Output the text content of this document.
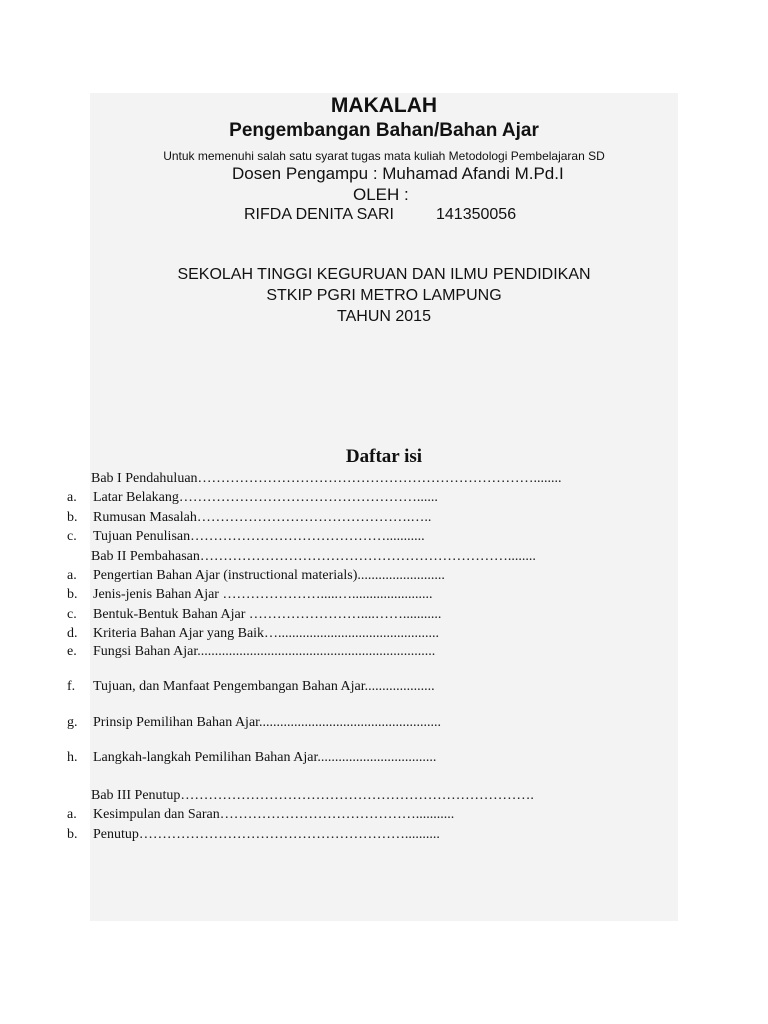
MAKALAH
Pengembangan Bahan/Bahan Ajar
Untuk memenuhi salah satu syarat tugas mata kuliah Metodologi Pembelajaran SD
Dosen Pengampu : Muhamad Afandi M.Pd.I
OLEH :
RIFDA DENITA SARI	141350056
SEKOLAH TINGGI KEGURUAN DAN ILMU PENDIDIKAN
STKIP PGRI METRO LAMPUNG
TAHUN 2015
Daftar isi
Bab I Pendahuluan………………………………………………………………........
a. Latar Belakang……………………………………………......
b. Rumusan Masalah……………………………………….…..
c. Tujuan Penulisan……………………………………...........
Bab II Pembahasan…………………………………………………………........
a. Pengertian Bahan Ajar (instructional materials).........................
b. Jenis-jenis Bahan Ajar ………………….....….......................
c. Bentuk-Bentuk Bahan Ajar ……………………....……...........
d. Kriteria Bahan Ajar yang Baik…..............................................
e. Fungsi Bahan Ajar....................................................................
f. Tujuan, dan Manfaat Pengembangan Bahan Ajar....................
g. Prinsip Pemilihan Bahan Ajar....................................................
h. Langkah-langkah Pemilihan Bahan Ajar..................................
Bab III Penutup………………………………………………………………….
a. Kesimpulan dan Saran……………………………………...........
b. Penutup…………………………………………………..........
